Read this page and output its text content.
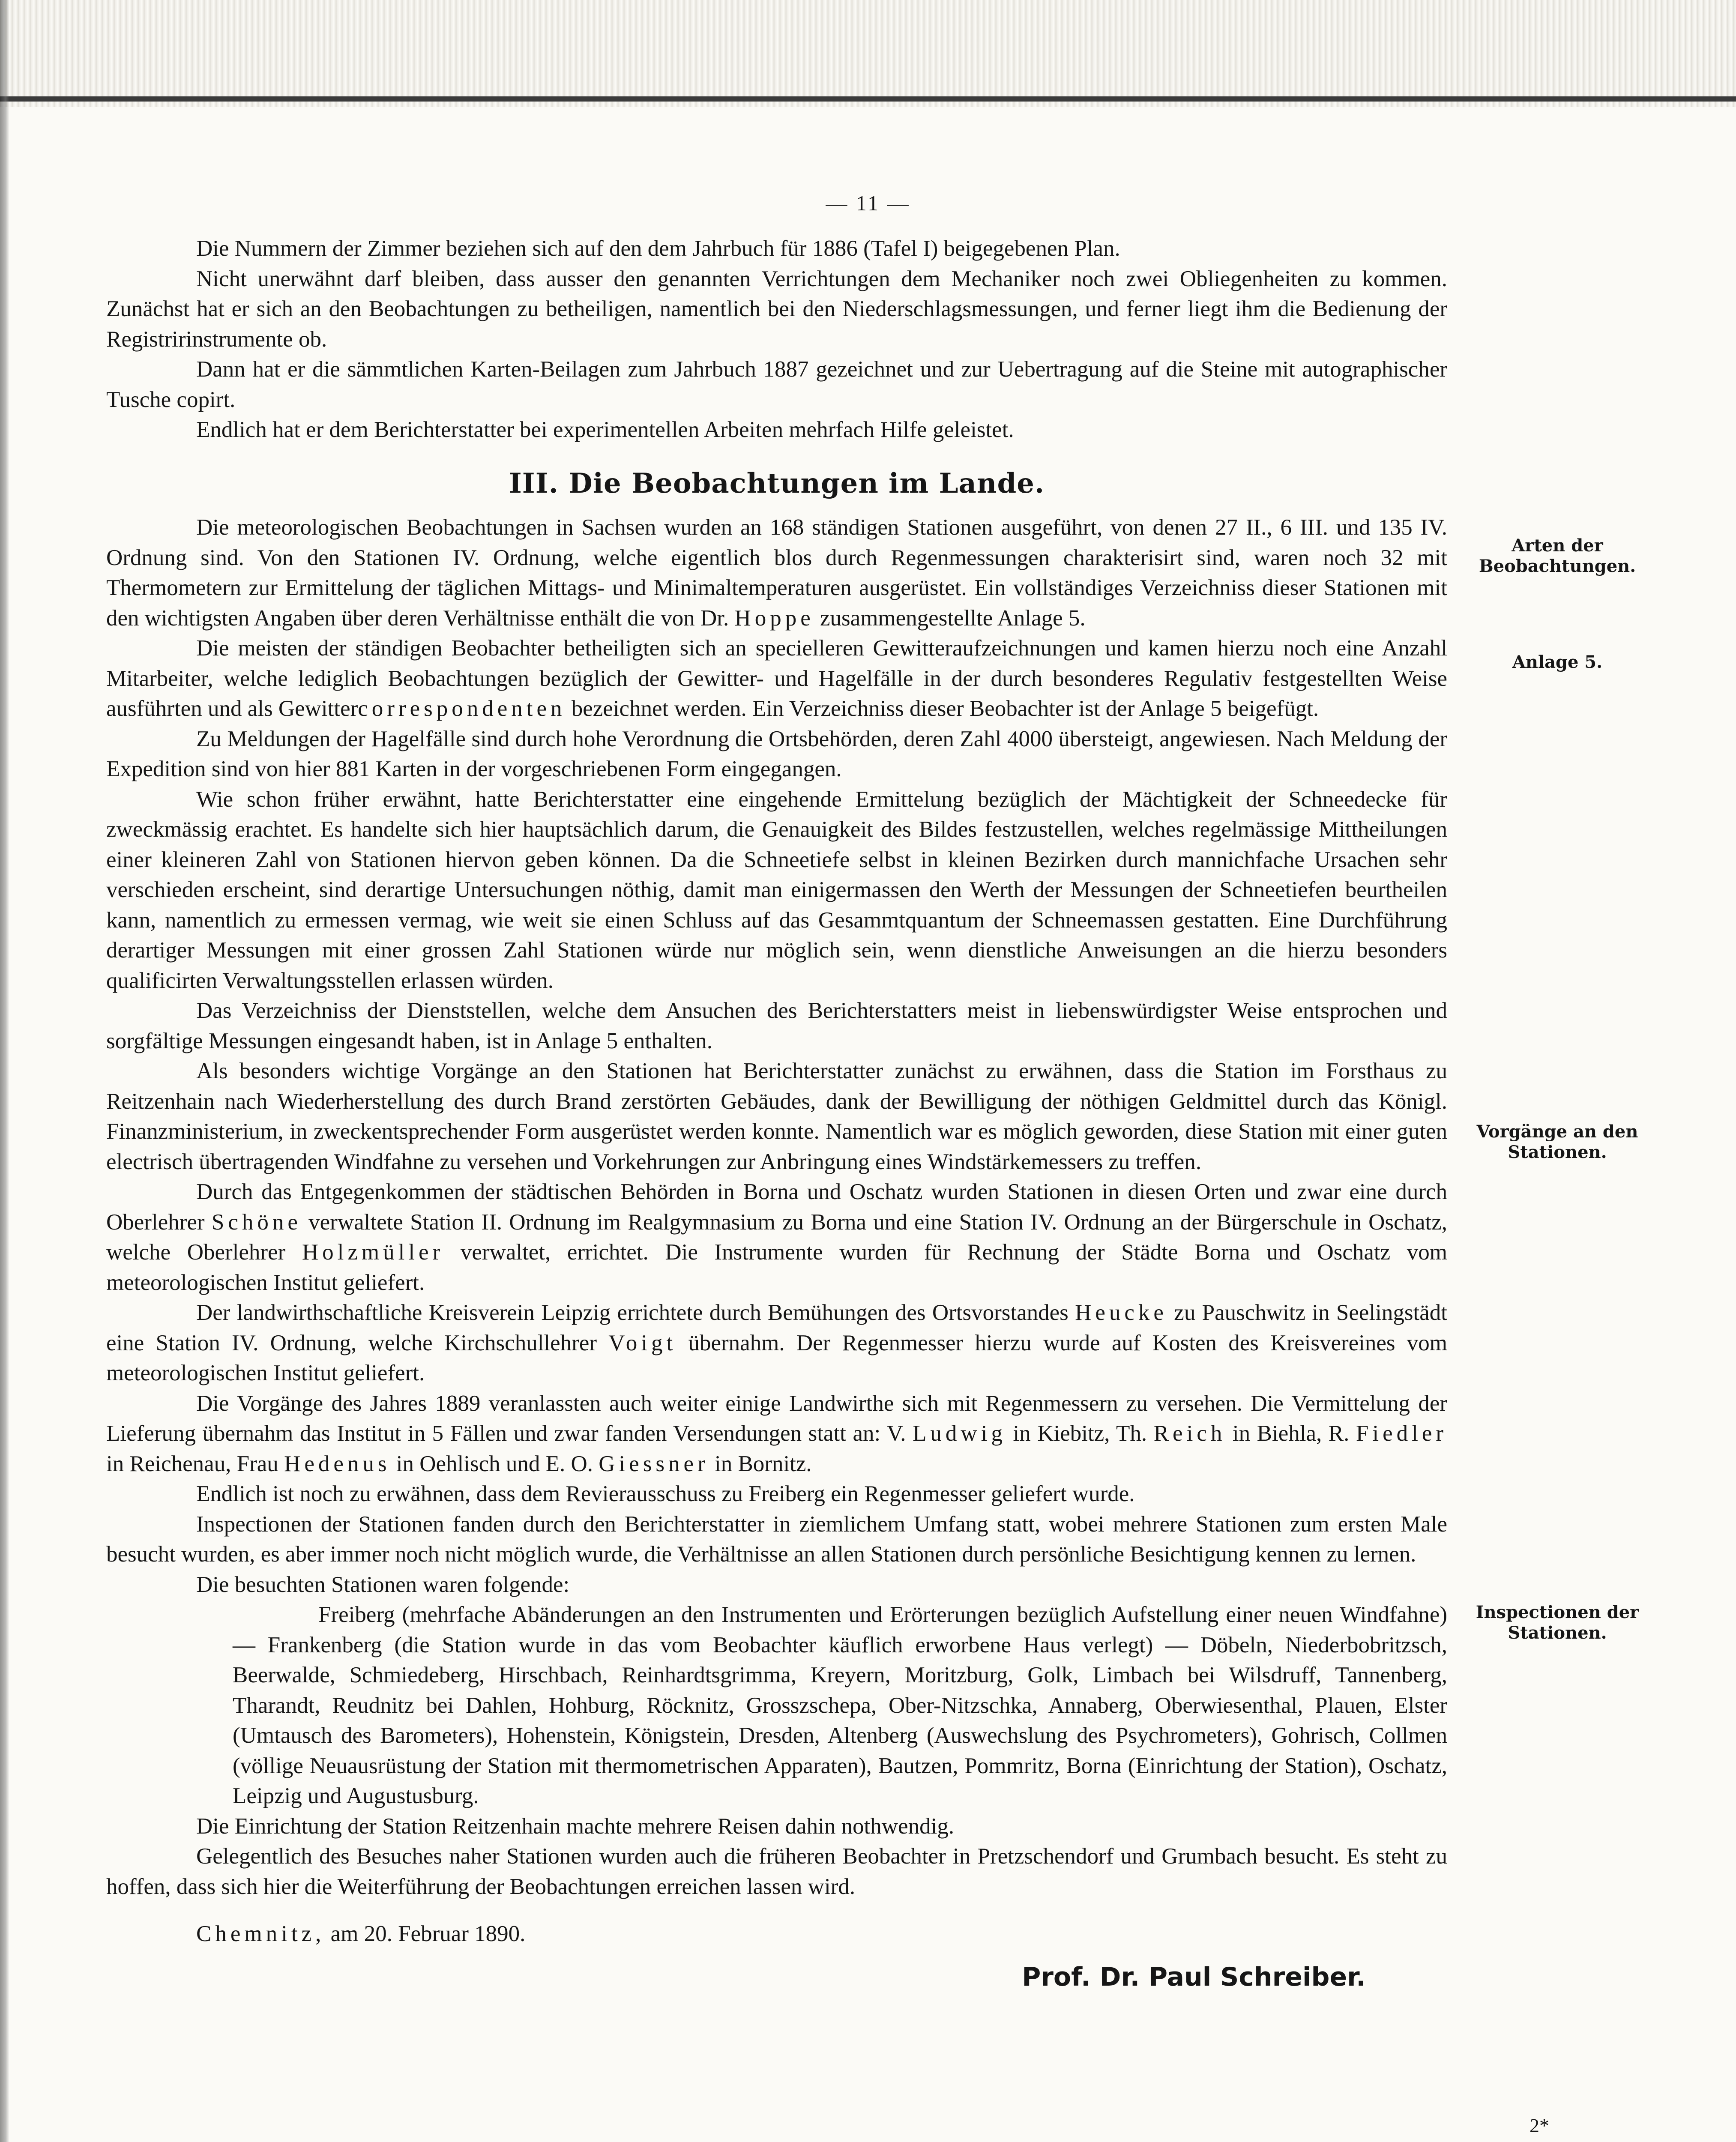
— 11 —

Die Nummern der Zimmer beziehen sich auf den dem Jahrbuch für 1886 (Tafel I) beigegebenen Plan.

Nicht unerwähnt darf bleiben, dass ausser den genannten Verrichtungen dem Mechaniker noch zwei Obliegenheiten zu kommen. Zunächst hat er sich an den Beobachtungen zu betheiligen, namentlich bei den Niederschlagsmessungen, und ferner liegt ihm die Bedienung der Registririnstrumente ob.

Dann hat er die sämmtlichen Karten-Beilagen zum Jahrbuch 1887 gezeichnet und zur Uebertragung auf die Steine mit autographischer Tusche copirt.

Endlich hat er dem Berichterstatter bei experimentellen Arbeiten mehrfach Hilfe geleistet.

III. Die Beobachtungen im Lande.

Die meteorologischen Beobachtungen in Sachsen wurden an 168 ständigen Stationen ausgeführt, von denen 27 II., 6 III. und 135 IV. Ordnung sind. Von den Stationen IV. Ordnung, welche eigentlich blos durch Regenmessungen charakterisirt sind, waren noch 32 mit Thermometern zur Ermittelung der täglichen Mittags- und Minimaltemperaturen ausgerüstet. Ein vollständiges Verzeichniss dieser Stationen mit den wichtigsten Angaben über deren Verhältnisse enthält die von Dr. Hoppe zusammengestellte Anlage 5.

Die meisten der ständigen Beobachter betheiligten sich an specielleren Gewitteraufzeichnungen und kamen hierzu noch eine Anzahl Mitarbeiter, welche lediglich Beobachtungen bezüglich der Gewitter- und Hagelfälle in der durch besonderes Regulativ festgestellten Weise ausführten und als Gewittercorrespondenten bezeichnet werden. Ein Verzeichniss dieser Beobachter ist der Anlage 5 beigefügt.

Zu Meldungen der Hagelfälle sind durch hohe Verordnung die Ortsbehörden, deren Zahl 4000 übersteigt, angewiesen. Nach Meldung der Expedition sind von hier 881 Karten in der vorgeschriebenen Form eingegangen.

Wie schon früher erwähnt, hatte Berichterstatter eine eingehende Ermittelung bezüglich der Mächtigkeit der Schneedecke für zweckmässig erachtet. Es handelte sich hier hauptsächlich darum, die Genauigkeit des Bildes festzustellen, welches regelmässige Mittheilungen einer kleineren Zahl von Stationen hiervon geben können. Da die Schneetiefe selbst in kleinen Bezirken durch mannichfache Ursachen sehr verschieden erscheint, sind derartige Untersuchungen nöthig, damit man einigermassen den Werth der Messungen der Schneetiefen beurtheilen kann, namentlich zu ermessen vermag, wie weit sie einen Schluss auf das Gesammtquantum der Schneemassen gestatten. Eine Durchführung derartiger Messungen mit einer grossen Zahl Stationen würde nur möglich sein, wenn dienstliche Anweisungen an die hierzu besonders qualificirten Verwaltungsstellen erlassen würden.

Das Verzeichniss der Dienststellen, welche dem Ansuchen des Berichterstatters meist in liebenswürdigster Weise entsprochen und sorgfältige Messungen eingesandt haben, ist in Anlage 5 enthalten.

Als besonders wichtige Vorgänge an den Stationen hat Berichterstatter zunächst zu erwähnen, dass die Station im Forsthaus zu Reitzenhain nach Wiederherstellung des durch Brand zerstörten Gebäudes, dank der Bewilligung der nöthigen Geldmittel durch das Königl. Finanzministerium, in zweckentsprechender Form ausgerüstet werden konnte. Namentlich war es möglich geworden, diese Station mit einer guten electrisch übertragenden Windfahne zu versehen und Vorkehrungen zur Anbringung eines Windstärkemessers zu treffen.

Durch das Entgegenkommen der städtischen Behörden in Borna und Oschatz wurden Stationen in diesen Orten und zwar eine durch Oberlehrer Schöne verwaltete Station II. Ordnung im Realgymnasium zu Borna und eine Station IV. Ordnung an der Bürgerschule in Oschatz, welche Oberlehrer Holzmüller verwaltet, errichtet. Die Instrumente wurden für Rechnung der Städte Borna und Oschatz vom meteorologischen Institut geliefert.

Der landwirthschaftliche Kreisverein Leipzig errichtete durch Bemühungen des Ortsvorstandes Heucke zu Pauschwitz in Seelingstädt eine Station IV. Ordnung, welche Kirchschullehrer Voigt übernahm. Der Regenmesser hierzu wurde auf Kosten des Kreisvereines vom meteorologischen Institut geliefert.

Die Vorgänge des Jahres 1889 veranlassten auch weiter einige Landwirthe sich mit Regenmessern zu versehen. Die Vermittelung der Lieferung übernahm das Institut in 5 Fällen und zwar fanden Versendungen statt an: V. Ludwig in Kiebitz, Th. Reich in Biehla, R. Fiedler in Reichenau, Frau Hedenus in Oehlisch und E. O. Giessner in Bornitz.

Endlich ist noch zu erwähnen, dass dem Revierausschuss zu Freiberg ein Regenmesser geliefert wurde.

Inspectionen der Stationen fanden durch den Berichterstatter in ziemlichem Umfang statt, wobei mehrere Stationen zum ersten Male besucht wurden, es aber immer noch nicht möglich wurde, die Verhältnisse an allen Stationen durch persönliche Besichtigung kennen zu lernen.

Die besuchten Stationen waren folgende:

Freiberg (mehrfache Abänderungen an den Instrumenten und Erörterungen bezüglich Aufstellung einer neuen Windfahne) — Frankenberg (die Station wurde in das vom Beobachter käuflich erworbene Haus verlegt) — Döbeln, Niederbobritzsch, Beerwalde, Schmiedeberg, Hirschbach, Reinhardtsgrimma, Kreyern, Moritzburg, Golk, Limbach bei Wilsdruff, Tannenberg, Tharandt, Reudnitz bei Dahlen, Hohburg, Röcknitz, Grosszschepa, Ober-Nitzschka, Annaberg, Oberwiesenthal, Plauen, Elster (Umtausch des Barometers), Hohenstein, Königstein, Dresden, Altenberg (Auswechslung des Psychrometers), Gohrisch, Collmen (völlige Neuausrüstung der Station mit thermometrischen Apparaten), Bautzen, Pommritz, Borna (Einrichtung der Station), Oschatz, Leipzig und Augustusburg.

Die Einrichtung der Station Reitzenhain machte mehrere Reisen dahin nothwendig.

Gelegentlich des Besuches naher Stationen wurden auch die früheren Beobachter in Pretzschendorf und Grumbach besucht. Es steht zu hoffen, dass sich hier die Weiterführung der Beobachtungen erreichen lassen wird.

Chemnitz, am 20. Februar 1890.

Prof. Dr. Paul Schreiber.
Arten der Beobachtungen.
Anlage 5.
Vorgänge an den Stationen.
Inspectionen der Stationen.
2*
